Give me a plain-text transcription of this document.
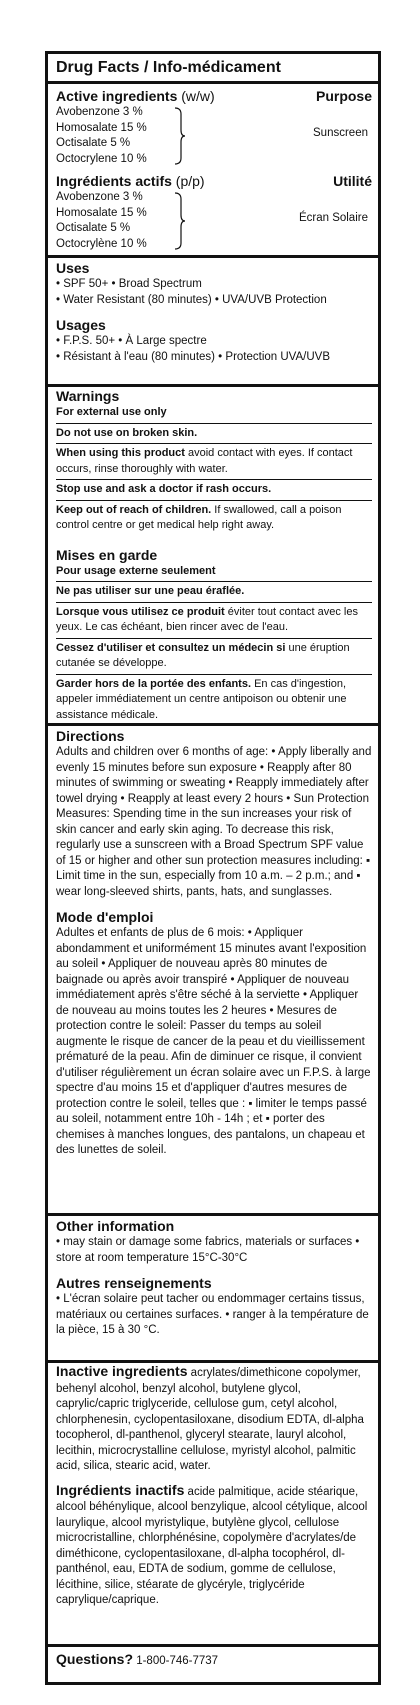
Drug Facts / Info-médicament
Active ingredients (w/w)	Purpose
Avobenzone 3 %
Homosalate 15 %
Octisalate 5 %
Octocrylene 10 %
Sunscreen
Ingrédients actifs (p/p)	Utilité
Avobenzone 3 %
Homosalate 15 %
Octisalate 5 %
Octocrylène 10 %
Écran Solaire
Uses
• SPF 50+ • Broad Spectrum
• Water Resistant (80 minutes) • UVA/UVB Protection
Usages
• F.P.S. 50+ • À Large spectre
• Résistant à l'eau (80 minutes) • Protection UVA/UVB
Warnings
For external use only
Do not use on broken skin.
When using this product avoid contact with eyes. If contact occurs, rinse thoroughly with water.
Stop use and ask a doctor if rash occurs.
Keep out of reach of children. If swallowed, call a poison control centre or get medical help right away.
Mises en garde
Pour usage externe seulement
Ne pas utiliser sur une peau éraflée.
Lorsque vous utilisez ce produit éviter tout contact avec les yeux. Le cas échéant, bien rincer avec de l'eau.
Cessez d'utiliser et consultez un médecin si une éruption cutanée se développe.
Garder hors de la portée des enfants. En cas d'ingestion, appeler immédiatement un centre antipoison ou obtenir une assistance médicale.
Directions

Adults and children over 6 months of age: • Apply liberally and evenly 15 minutes before sun exposure • Reapply after 80 minutes of swimming or sweating • Reapply immediately after towel drying • Reapply at least every 2 hours • Sun Protection Measures: Spending time in the sun increases your risk of skin cancer and early skin aging. To decrease this risk, regularly use a sunscreen with a Broad Spectrum SPF value of 15 or higher and other sun protection measures including: ▪ Limit time in the sun, especially from 10 a.m. – 2 p.m.; and ▪ wear long-sleeved shirts, pants, hats, and sunglasses.

Mode d'emploi

Adultes et enfants de plus de 6 mois: • Appliquer abondamment et uniformément 15 minutes avant l'exposition au soleil • Appliquer de nouveau après 80 minutes de baignade ou après avoir transpiré • Appliquer de nouveau immédiatement après s'être séché à la serviette • Appliquer de nouveau au moins toutes les 2 heures • Mesures de protection contre le soleil: Passer du temps au soleil augmente le risque de cancer de la peau et du vieillissement prématuré de la peau. Afin de diminuer ce risque, il convient d'utiliser régulièrement un écran solaire avec un F.P.S. à large spectre d'au moins 15 et d'appliquer d'autres mesures de protection contre le soleil, telles que : ▪ limiter le temps passé au soleil, notamment entre 10h - 14h ; et ▪ porter des chemises à manches longues, des pantalons, un chapeau et des lunettes de soleil.

Other information

• may stain or damage some fabrics, materials or surfaces • store at room temperature 15°C-30°C

Autres renseignements

• L'écran solaire peut tacher ou endommager certains tissus, matériaux ou certaines surfaces. • ranger à la température de la pièce, 15 à 30 °C.

Inactive ingredients acrylates/dimethicone copolymer, behenyl alcohol, benzyl alcohol, butylene glycol, caprylic/capric triglyceride, cellulose gum, cetyl alcohol, chlorphenesin, cyclopentasiloxane, disodium EDTA, dl-alpha tocopherol, dl-panthenol, glyceryl stearate, lauryl alcohol, lecithin, microcrystalline cellulose, myristyl alcohol, palmitic acid, silica, stearic acid, water.

Ingrédients inactifs acide palmitique, acide stéarique, alcool béhénylique, alcool benzylique, alcool cétylique, alcool laurylique, alcool myristylique, butylène glycol, cellulose microcristalline, chlorphénésine, copolymère d'acrylates/de diméthicone, cyclopentasiloxane, dl-alpha tocophérol, dl-panthénol, eau, EDTA de sodium, gomme de cellulose, lécithine, silice, stéarate de glycéryle, triglycéride caprylique/caprique.

Questions? 1-800-746-7737
